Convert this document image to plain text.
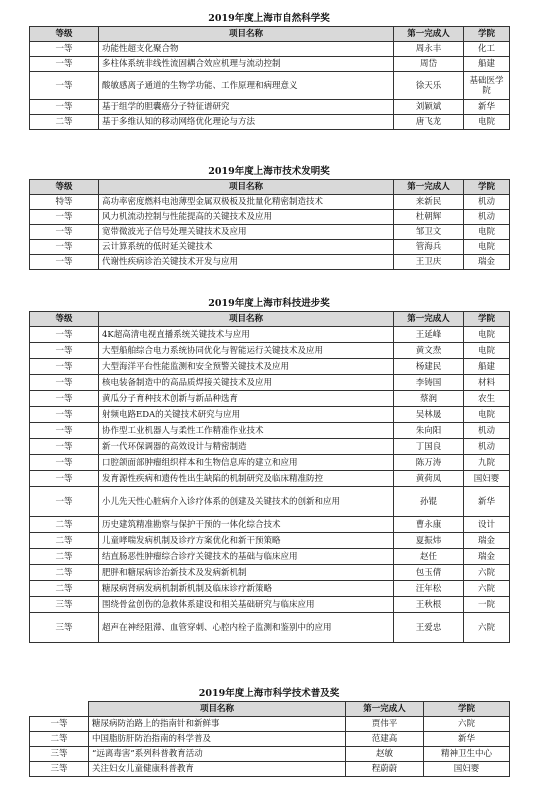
2019年度上海市自然科学奖
等级	项目名称	第一完成人	学院
一等	功能性超支化聚合物	周永丰	化工
一等	多柱体系统非线性流固耦合效应机理与流动控制	周岱	船建
一等	酸敏感离子通道的生物学功能、工作原理和病理意义	徐天乐	基础医学院
一等	基于组学的胆囊癌分子特征谱研究	刘颖斌	新华
二等	基于多维认知的移动网络优化理论与方法	唐飞龙	电院
2019年度上海市技术发明奖
等级	项目名称	第一完成人	学院
特等	高功率密度燃料电池薄型金属双极板及批量化精密制造技术	来新民	机动
一等	风力机流动控制与性能提高的关键技术及应用	杜朝辉	机动
一等	宽带微波光子信号处理关键技术及应用	邹卫文	电院
一等	云计算系统的低时延关键技术	管海兵	电院
一等	代谢性疾病诊治关键技术开发与应用	王卫庆	瑞金
2019年度上海市科技进步奖
等级	项目名称	第一完成人	学院
一等	4K超高清电视直播系统关键技术与应用	王延峰	电院
一等	大型船舶综合电力系统协同优化与智能运行关键技术及应用	黄文焘	电院
一等	大型海洋平台性能监测和安全预警关键技术及应用	杨建民	船建
一等	核电装备制造中的高品质焊接关键技术及应用	李铸国	材料
一等	黄瓜分子育种技术创新与新品种选育	蔡润	农生
一等	射频电路EDA的关键技术研究与应用	吴林晟	电院
一等	协作型工业机器人与柔性工作精准作业技术	朱向阳	机动
一等	新一代环保调器的高效设计与精密制造	丁国良	机动
一等	口腔颌面部肿瘤组织样本和生物信息库的建立和应用	陈万涛	九院
一等	发育源性疾病和遗传性出生缺陷的机制研究及临床精准防控	黄荷凤	国妇婴
一等	小儿先天性心脏病介入诊疗体系的创建及关键技术的创新和应用	孙锟	新华
二等	历史建筑精准勘察与保护干预的一体化综合技术	曹永康	设计
二等	儿童哮喘发病机制及诊疗方案优化和新干预策略	夏振炜	瑞金
二等	结直肠恶性肿瘤综合诊疗关键技术的基础与临床应用	赵任	瑞金
二等	肥胖和糖尿病诊治新技术及发病新机制	包玉倩	六院
二等	糖尿病肾病发病机制新机制及临床诊疗新策略	汪年松	六院
三等	围绕骨盆创伤的急救体系建设和相关基础研究与临床应用	王秋根	一院
三等	超声在神经阻滞、血管穿刺、心腔内栓子监测和鉴别中的应用	王爱忠	六院
2019年度上海市科学技术普及奖
	项目名称	第一完成人	学院
一等	糖尿病防治路上的指南针和新鲜事	贾伟平	六院
二等	中国脂肪肝防治指南的科学普及	范建高	新华
三等	“远离毒害”系列科普教育活动	赵敏	精神卫生中心
三等	关注妇女儿童健康科普教育	程蔚蔚	国妇婴
